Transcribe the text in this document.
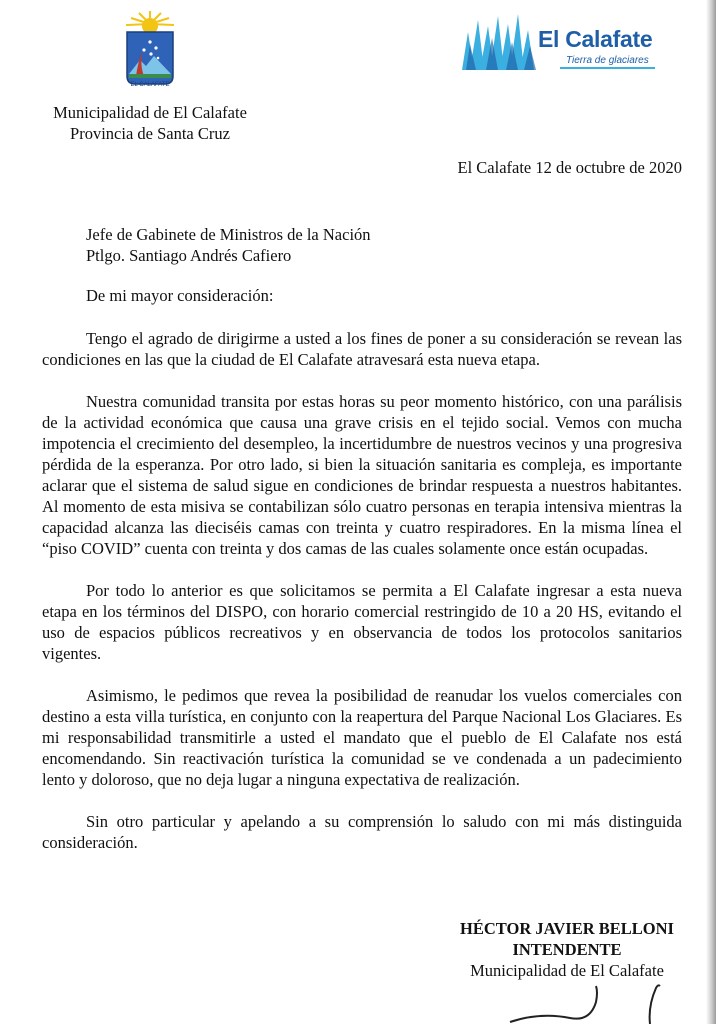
EL CALAFATE
Municipalidad de El Calafate
Provincia de Santa Cruz
El Calafate
Tierra de glaciares
El Calafate 12 de octubre de 2020
Jefe de Gabinete de Ministros de la Nación
Ptlgo. Santiago Andrés Cafiero
De mi mayor consideración:

Tengo el agrado de dirigirme a usted a los fines de poner a su consideración se revean las condiciones en las que la ciudad de El Calafate atravesará esta nueva etapa.

Nuestra comunidad transita por estas horas su peor momento histórico, con una parálisis de la actividad económica que causa una grave crisis en el tejido social. Vemos con mucha impotencia el crecimiento del desempleo, la incertidumbre de nuestros vecinos y una progresiva pérdida de la esperanza. Por otro lado, si bien la situación sanitaria es compleja, es importante aclarar que el sistema de salud sigue en condiciones de brindar respuesta a nuestros habitantes. Al momento de esta misiva se contabilizan sólo cuatro personas en terapia intensiva mientras la capacidad alcanza las dieciséis camas con treinta y cuatro respiradores. En la misma línea el “piso COVID” cuenta con treinta y dos camas de las cuales solamente once están ocupadas.

Por todo lo anterior es que solicitamos se permita a El Calafate ingresar a esta nueva etapa en los términos del DISPO, con horario comercial restringido de 10 a 20 HS, evitando el uso de espacios públicos recreativos y en observancia de todos los protocolos sanitarios vigentes.

Asimismo, le pedimos que revea la posibilidad de reanudar los vuelos comerciales con destino a esta villa turística, en conjunto con la reapertura del Parque Nacional Los Glaciares. Es mi responsabilidad transmitirle a usted el mandato que el pueblo de El Calafate nos está encomendando. Sin reactivación turística la comunidad se ve condenada a un padecimiento lento y doloroso, que no deja lugar a ninguna expectativa de realización.

Sin otro particular y apelando a su comprensión lo saludo con mi más distinguida consideración.

HÉCTOR JAVIER BELLONI
INTENDENTE
Municipalidad de El Calafate
